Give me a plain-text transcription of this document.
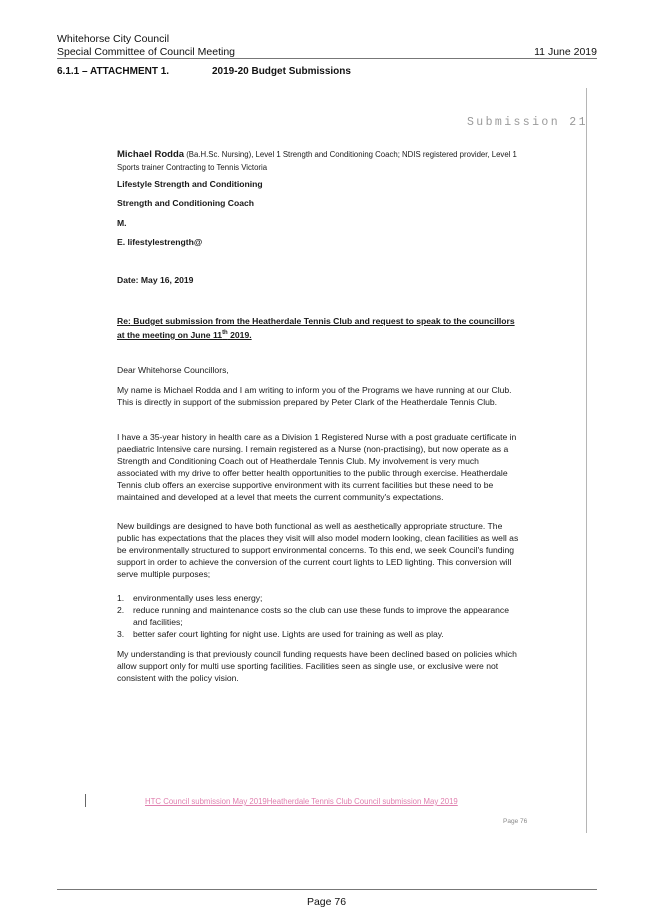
Whitehorse City Council
Special Committee of Council Meeting	11 June 2019
6.1.1 – ATTACHMENT 1.	2019-20 Budget Submissions
Submission 21

Michael Rodda (Ba.H.Sc. Nursing), Level 1 Strength and Conditioning Coach; NDIS registered provider, Level 1 Sports trainer Contracting to Tennis Victoria

Lifestyle Strength and Conditioning
Strength and Conditioning Coach
M.
E. lifestylestrength@
Date: May 16, 2019
Re: Budget submission from the Heatherdale Tennis Club and request to speak to the councillors at the meeting on June 11th 2019.
Dear Whitehorse Councillors,
My name is Michael Rodda and I am writing to inform you of the Programs we have running at our Club. This is directly in support of the submission prepared by Peter Clark of the Heatherdale Tennis Club.
I have a 35-year history in health care as a Division 1 Registered Nurse with a post graduate certificate in paediatric Intensive care nursing. I remain registered as a Nurse (non-practising), but now operate as a Strength and Conditioning Coach out of Heatherdale Tennis Club. My involvement is very much associated with my drive to offer better health opportunities to the public through exercise. Heatherdale Tennis club offers an exercise supportive environment with its current facilities but these need to be maintained and developed at a level that meets the current community's expectations.
New buildings are designed to have both functional as well as aesthetically appropriate structure. The public has expectations that the places they visit will also model modern looking, clean facilities as well as be environmentally structured to support environmental concerns. To this end, we seek Council's funding support in order to achieve the conversion of the current court lights to LED lighting. This conversion will serve multiple purposes;
1. environmentally uses less energy;
2. reduce running and maintenance costs so the club can use these funds to improve the appearance and facilities;
3. better safer court lighting for night use. Lights are used for training as well as play.
My understanding is that previously council funding requests have been declined based on policies which allow support only for multi use sporting facilities. Facilities seen as single use, or exclusive were not consistent with the policy vision.
HTC Council submission May 2019Heatherdale Tennis Club Council submission May 2019
Page 76
Page 76
